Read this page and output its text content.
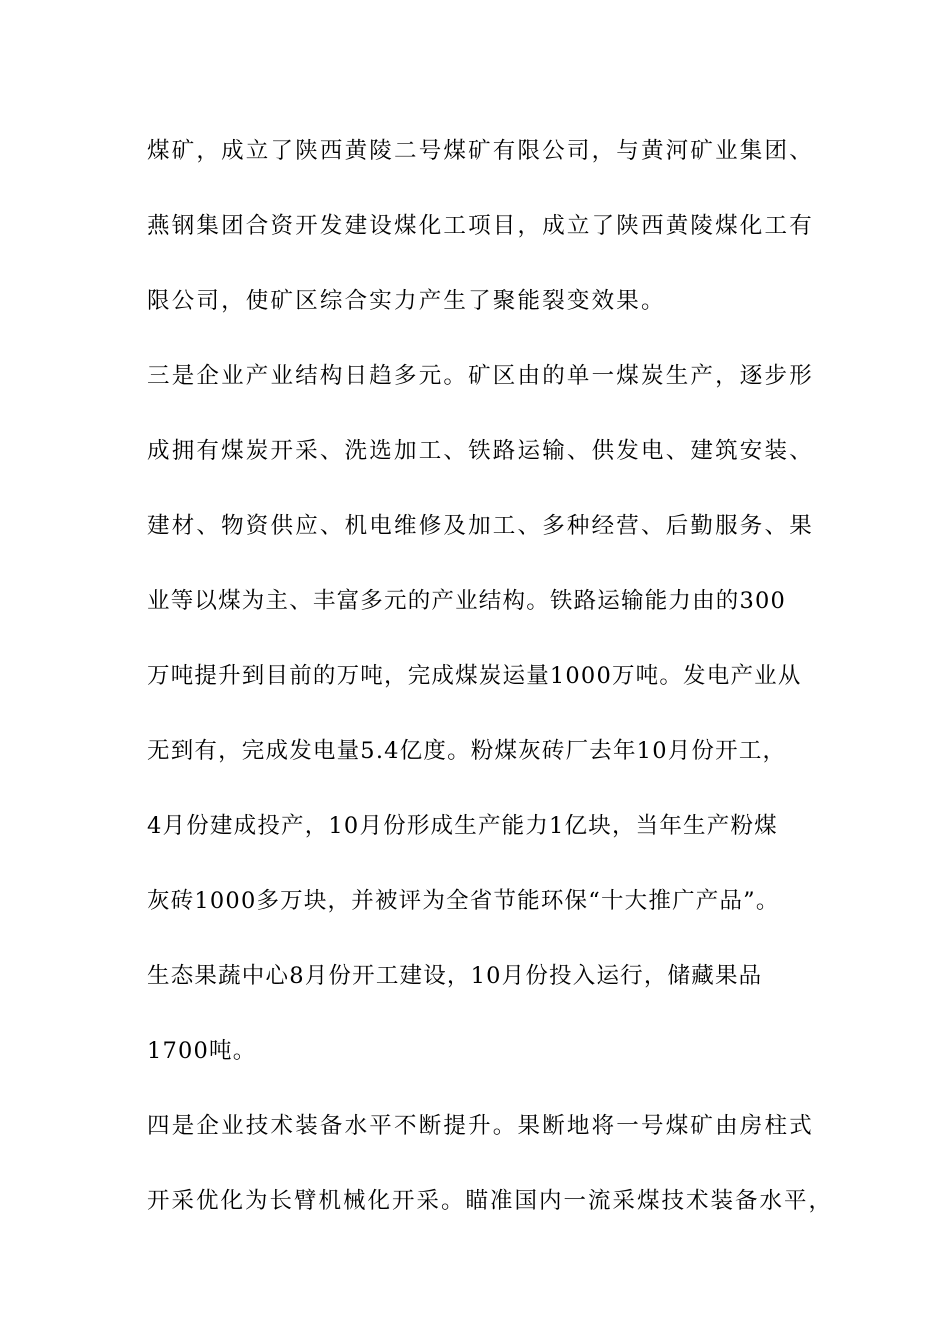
煤矿，成立了陕西黄陵二号煤矿有限公司，与黄河矿业集团、
燕钢集团合资开发建设煤化工项目，成立了陕西黄陵煤化工有
限公司，使矿区综合实力产生了聚能裂变效果。
三是企业产业结构日趋多元。矿区由的单一煤炭生产，逐步形
成拥有煤炭开采、洗选加工、铁路运输、供发电、建筑安装、
建材、物资供应、机电维修及加工、多种经营、后勤服务、果
业等以煤为主、丰富多元的产业结构。铁路运输能力由的300
万吨提升到目前的万吨，完成煤炭运量1000万吨。发电产业从
无到有，完成发电量5.4亿度。粉煤灰砖厂去年10月份开工，
4月份建成投产，10月份形成生产能力1亿块，当年生产粉煤
灰砖1000多万块，并被评为全省节能环保“十大推广产品”。
生态果蔬中心8月份开工建设，10月份投入运行，储藏果品
1700吨。
四是企业技术装备水平不断提升。果断地将一号煤矿由房柱式
开采优化为长臂机械化开采。瞄准国内一流采煤技术装备水平，
